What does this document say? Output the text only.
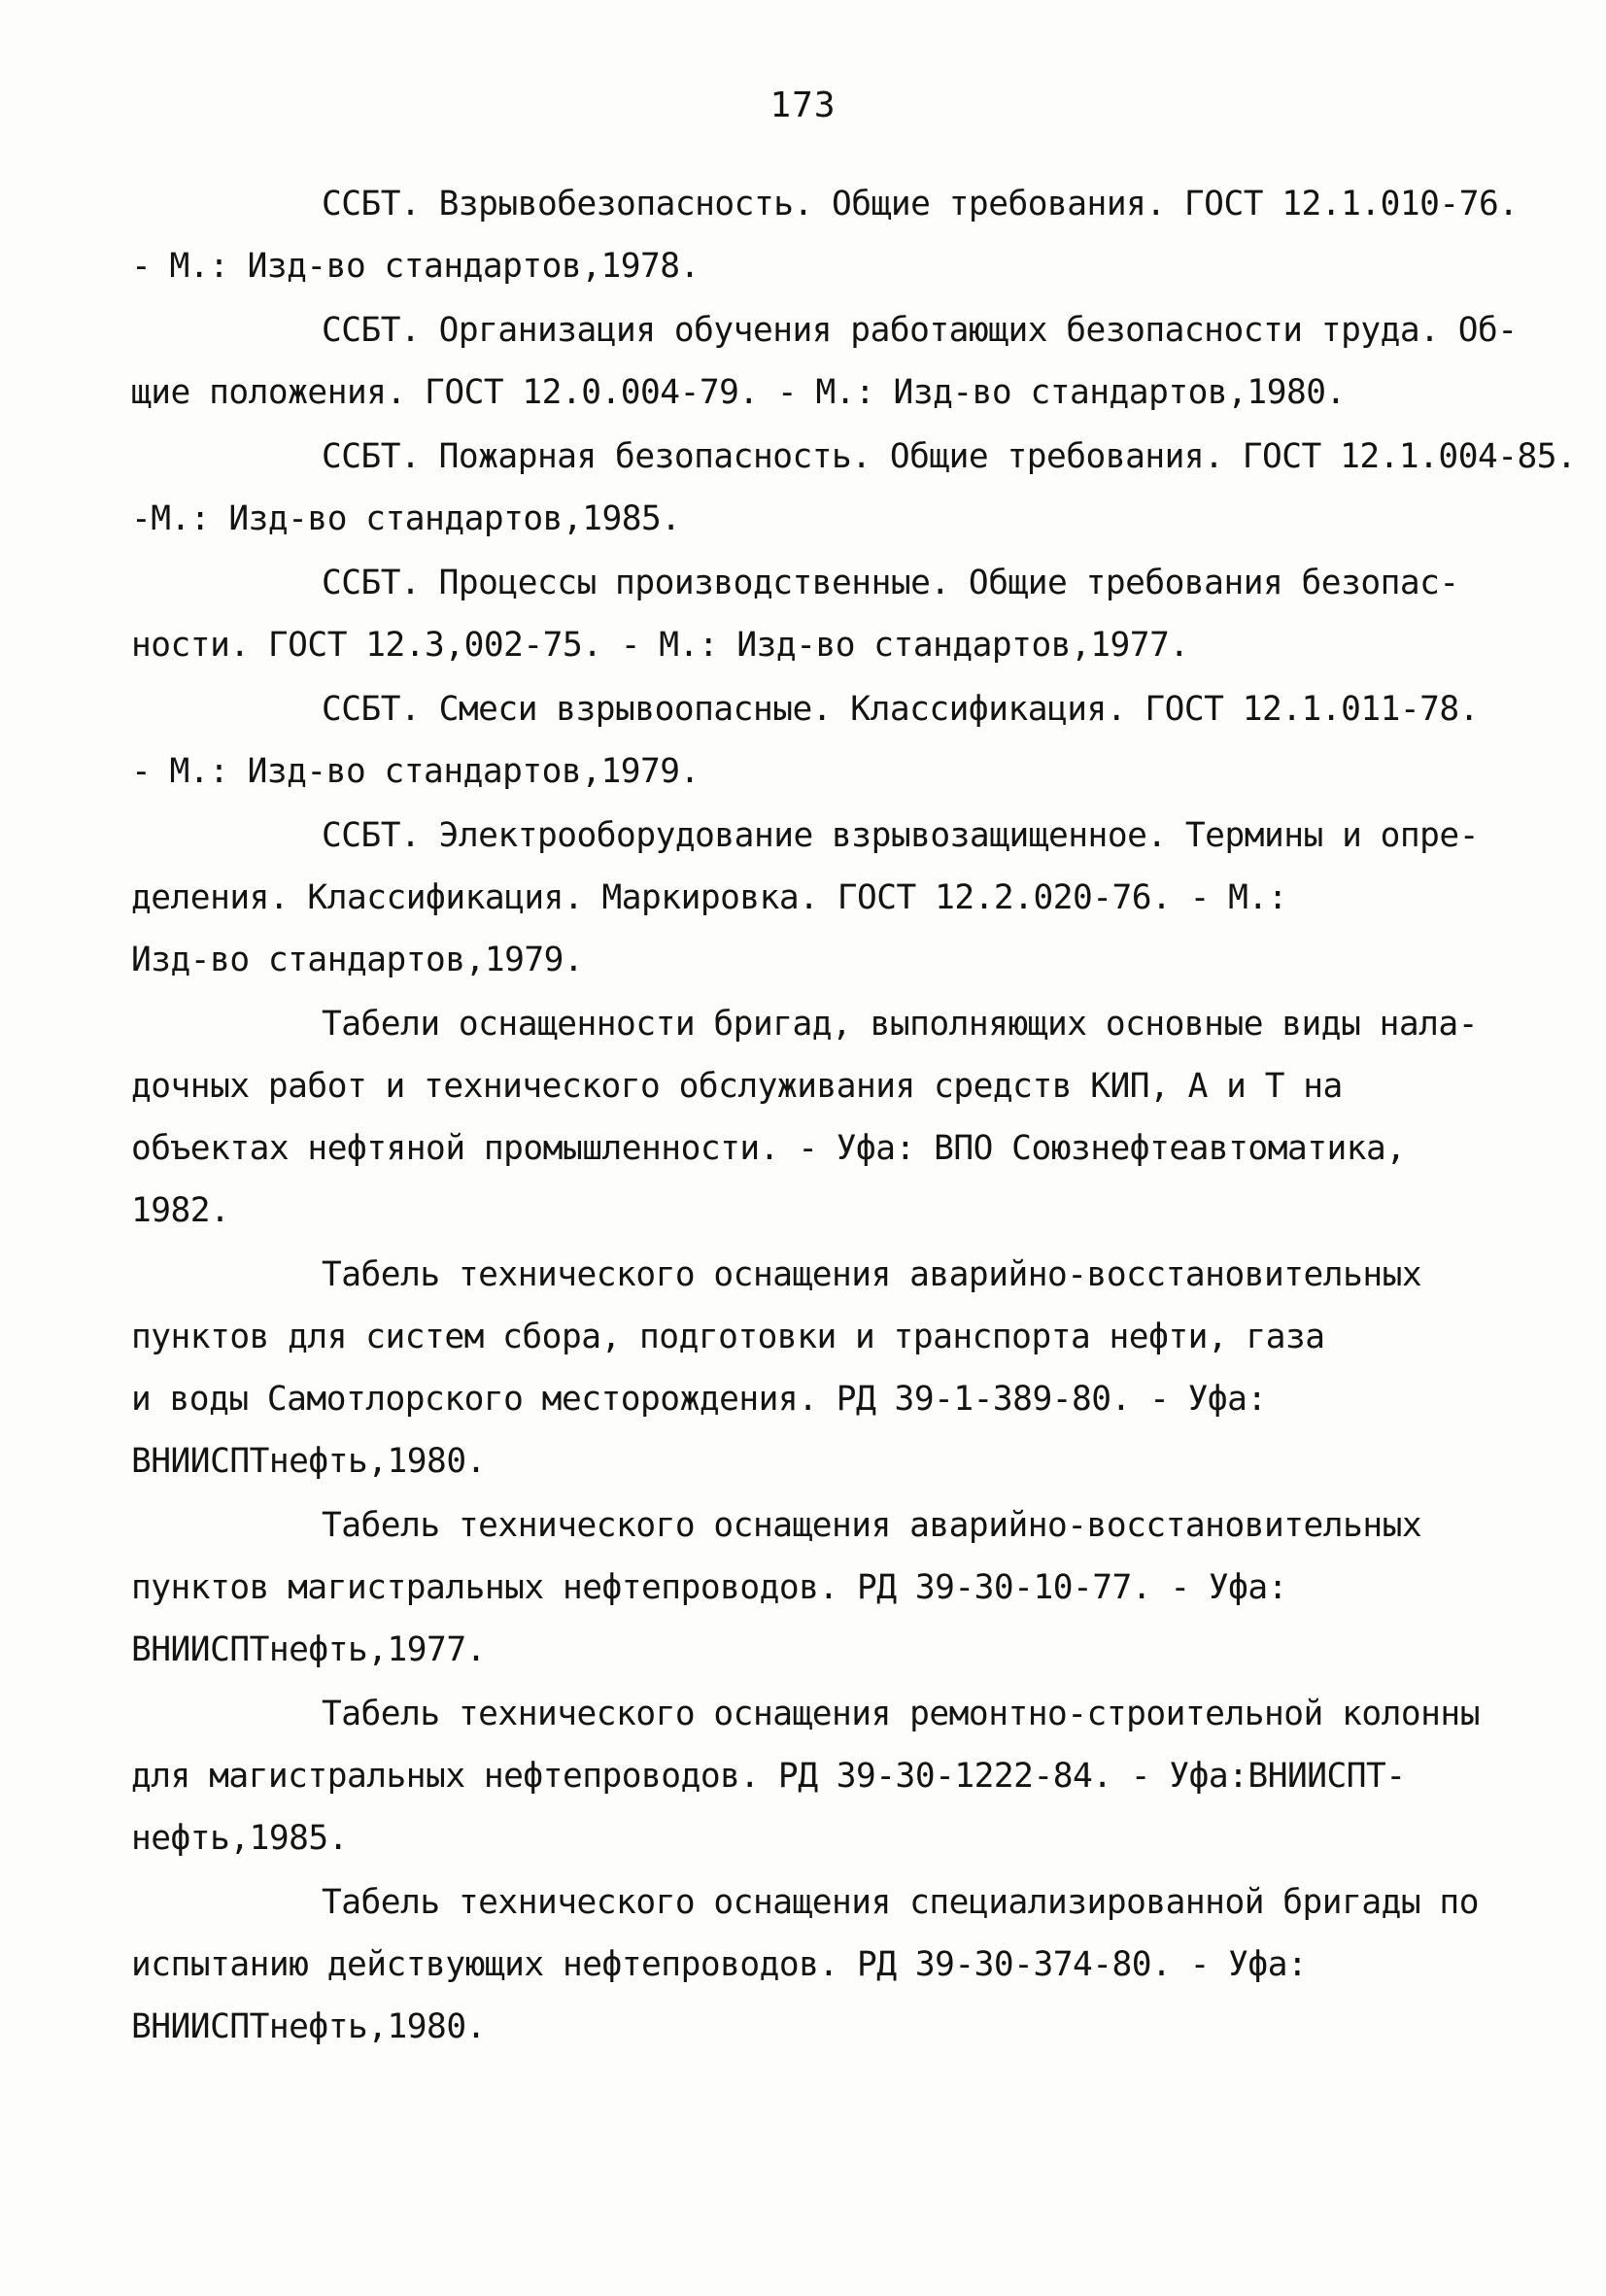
173

ССБТ. Взрывобезопасность. Общие требования. ГОСТ 12.1.010-76.
- М.: Изд-во стандартов,1978.

ССБТ. Организация обучения работающих безопасности труда. Об-
щие положения. ГОСТ 12.0.004-79. - М.: Изд-во стандартов,1980.

ССБТ. Пожарная безопасность. Общие требования. ГОСТ 12.1.004-85.
-М.: Изд-во стандартов,1985.

ССБТ. Процессы производственные. Общие требования безопас-
ности. ГОСТ 12.3,002-75. - М.: Изд-во стандартов,1977.

ССБТ. Смеси взрывоопасные. Классификация. ГОСТ 12.1.011-78.
- М.: Изд-во стандартов,1979.

ССБТ. Электрооборудование взрывозащищенное. Термины и опре-
деления. Классификация. Маркировка. ГОСТ 12.2.020-76. - М.:
Изд-во стандартов,1979.

Табели оснащенности бригад, выполняющих основные виды нала-
дочных работ и технического обслуживания средств КИП, А и Т на
объектах нефтяной промышленности. - Уфа: ВПО Союзнефтеавтоматика,
1982.

Табель технического оснащения аварийно-восстановительных
пунктов для систем сбора, подготовки и транспорта нефти, газа
и воды Самотлорского месторождения. РД 39-1-389-80. - Уфа:
ВНИИСПТнефть,1980.

Табель технического оснащения аварийно-восстановительных
пунктов магистральных нефтепроводов. РД 39-30-10-77. - Уфа:
ВНИИСПТнефть,1977.

Табель технического оснащения ремонтно-строительной колонны
для магистральных нефтепроводов. РД 39-30-1222-84. - Уфа:ВНИИСПТ-
нефть,1985.

Табель технического оснащения специализированной бригады по
испытанию действующих нефтепроводов. РД 39-30-374-80. - Уфа:
ВНИИСПТнефть,1980.
